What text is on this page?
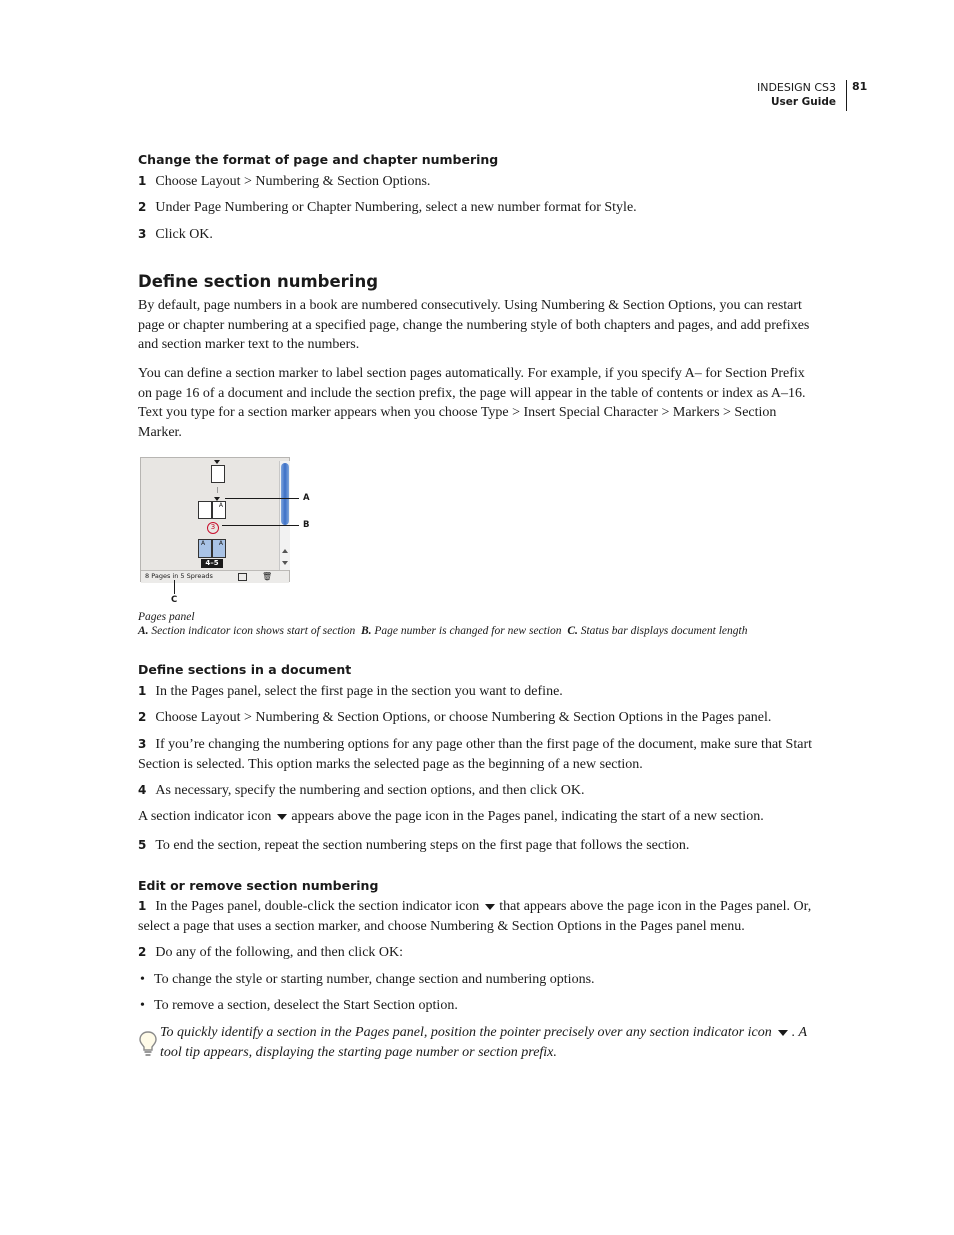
INDESIGN CS3
User Guide
81
Change the format of page and chapter numbering
1 Choose Layout > Numbering & Section Options.
2 Under Page Numbering or Chapter Numbering, select a new number format for Style.
3 Click OK.
Define section numbering
By default, page numbers in a book are numbered consecutively. Using Numbering & Section Options, you can restart page or chapter numbering at a specified page, change the numbering style of both chapters and pages, and add prefixes and section marker text to the numbers.
You can define a section marker to label section pages automatically. For example, if you specify A– for Section Prefix on page 16 of a document and include the section prefix, the page will appear in the table of contents or index as A–16. Text you type for a section marker appears when you choose Type > Insert Special Character > Markers > Section Marker.
A
3
A A
4–5
8 Pages in 5 Spreads	🗑
A
B
C
Pages panel
A. Section indicator icon shows start of section B. Page number is changed for new section C. Status bar displays document length
Define sections in a document
1 In the Pages panel, select the first page in the section you want to define.
2 Choose Layout > Numbering & Section Options, or choose Numbering & Section Options in the Pages panel.
3 If you’re changing the numbering options for any page other than the first page of the document, make sure that Start Section is selected. This option marks the selected page as the beginning of a new section.
4 As necessary, specify the numbering and section options, and then click OK.
A section indicator icon appears above the page icon in the Pages panel, indicating the start of a new section.
5 To end the section, repeat the section numbering steps on the first page that follows the section.
Edit or remove section numbering
1 In the Pages panel, double-click the section indicator icon that appears above the page icon in the Pages panel. Or, select a page that uses a section marker, and choose Numbering & Section Options in the Pages panel menu.
2 Do any of the following, and then click OK:
• To change the style or starting number, change section and numbering options.
• To remove a section, deselect the Start Section option.
To quickly identify a section in the Pages panel, position the pointer precisely over any section indicator icon . A tool tip appears, displaying the starting page number or section prefix.
